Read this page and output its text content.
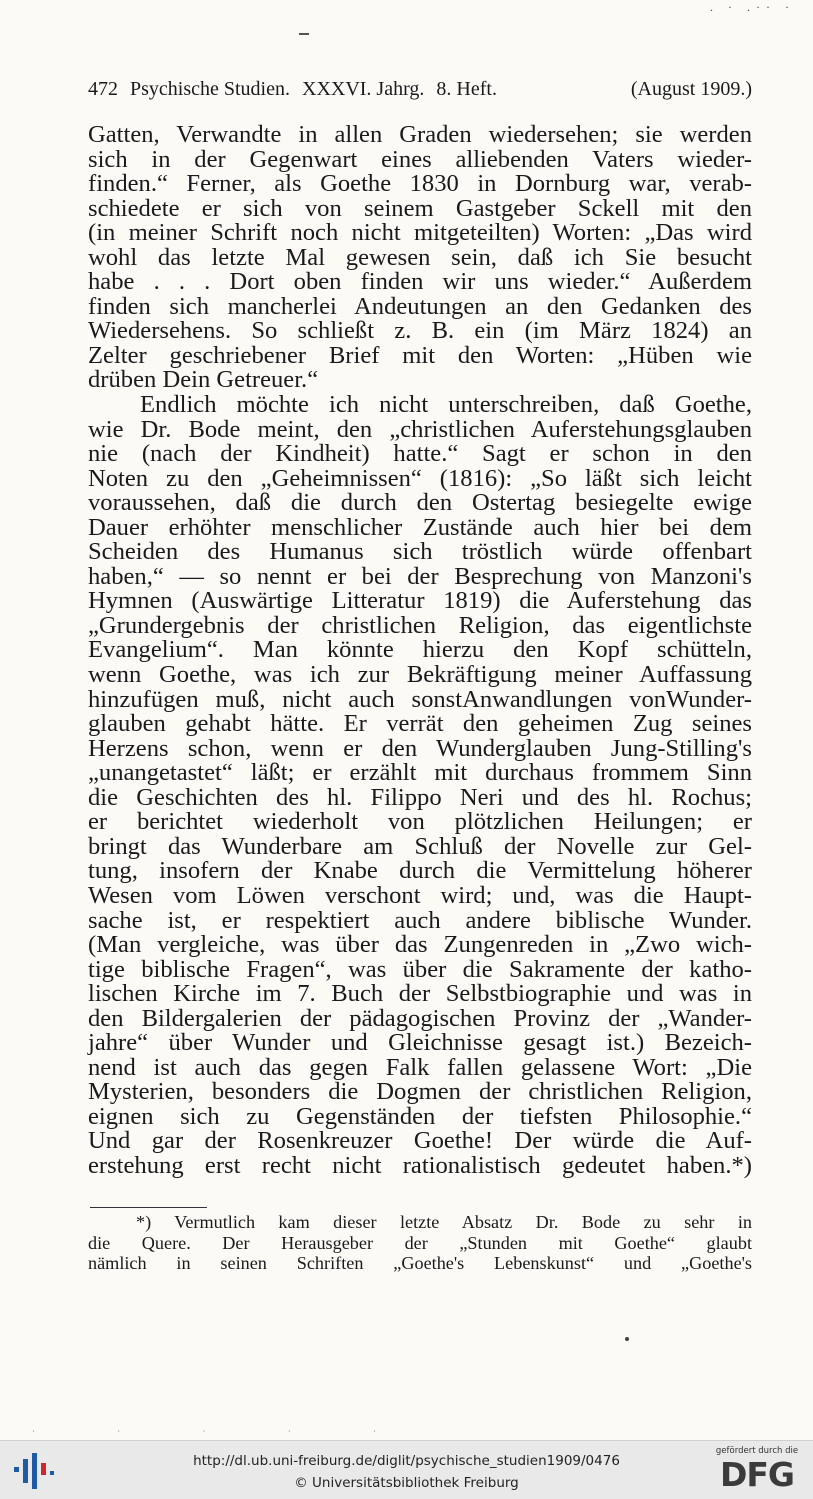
. · .·· ·
472 Psychische Studien. XXXVI. Jahrg. 8. Heft.	(August 1909.)
Gatten, Verwandte in allen Graden wiedersehen; sie werden
sich in der Gegenwart eines alliebenden Vaters wieder-
finden.“ Ferner, als Goethe 1830 in Dornburg war, verab-
schiedete er sich von seinem Gastgeber Sckell mit den
(in meiner Schrift noch nicht mitgeteilten) Worten: „Das wird
wohl das letzte Mal gewesen sein, daß ich Sie besucht
habe . . . Dort oben finden wir uns wieder.“ Außerdem
finden sich mancherlei Andeutungen an den Gedanken des
Wiedersehens. So schließt z. B. ein (im März 1824) an
Zelter geschriebener Brief mit den Worten: „Hüben wie
drüben Dein Getreuer.“
Endlich möchte ich nicht unterschreiben, daß Goethe,
wie Dr. Bode meint, den „christlichen Auferstehungsglauben
nie (nach der Kindheit) hatte.“ Sagt er schon in den
Noten zu den „Geheimnissen“ (1816): „So läßt sich leicht
voraussehen, daß die durch den Ostertag besiegelte ewige
Dauer erhöhter menschlicher Zustände auch hier bei dem
Scheiden des Humanus sich tröstlich würde offenbart
haben,“ — so nennt er bei der Besprechung von Manzoni's
Hymnen (Auswärtige Litteratur 1819) die Auferstehung das
„Grundergebnis der christlichen Religion, das eigentlichste
Evangelium“. Man könnte hierzu den Kopf schütteln,
wenn Goethe, was ich zur Bekräftigung meiner Auffassung
hinzufügen muß, nicht auch sonstAnwandlungen vonWunder-
glauben gehabt hätte. Er verrät den geheimen Zug seines
Herzens schon, wenn er den Wunderglauben Jung-Stilling's
„unangetastet“ läßt; er erzählt mit durchaus frommem Sinn
die Geschichten des hl. Filippo Neri und des hl. Rochus;
er berichtet wiederholt von plötzlichen Heilungen; er
bringt das Wunderbare am Schluß der Novelle zur Gel-
tung, insofern der Knabe durch die Vermittelung höherer
Wesen vom Löwen verschont wird; und, was die Haupt-
sache ist, er respektiert auch andere biblische Wunder.
(Man vergleiche, was über das Zungenreden in „Zwo wich-
tige biblische Fragen“, was über die Sakramente der katho-
lischen Kirche im 7. Buch der Selbstbiographie und was in
den Bildergalerien der pädagogischen Provinz der „Wander-
jahre“ über Wunder und Gleichnisse gesagt ist.) Bezeich-
nend ist auch das gegen Falk fallen gelassene Wort: „Die
Mysterien, besonders die Dogmen der christlichen Religion,
eignen sich zu Gegenständen der tiefsten Philosophie.“
Und gar der Rosenkreuzer Goethe! Der würde die Auf-
erstehung erst recht nicht rationalistisch gedeutet haben.*)
*) Vermutlich kam dieser letzte Absatz Dr. Bode zu sehr in
die Quere. Der Herausgeber der „Stunden mit Goethe“ glaubt
nämlich in seinen Schriften „Goethe's Lebenskunst“ und „Goethe's
· · · · ·
http://dl.ub.uni-freiburg.de/diglit/psychische_studien1909/0476
© Universitätsbibliothek Freiburg
gefördert durch die
DFG
